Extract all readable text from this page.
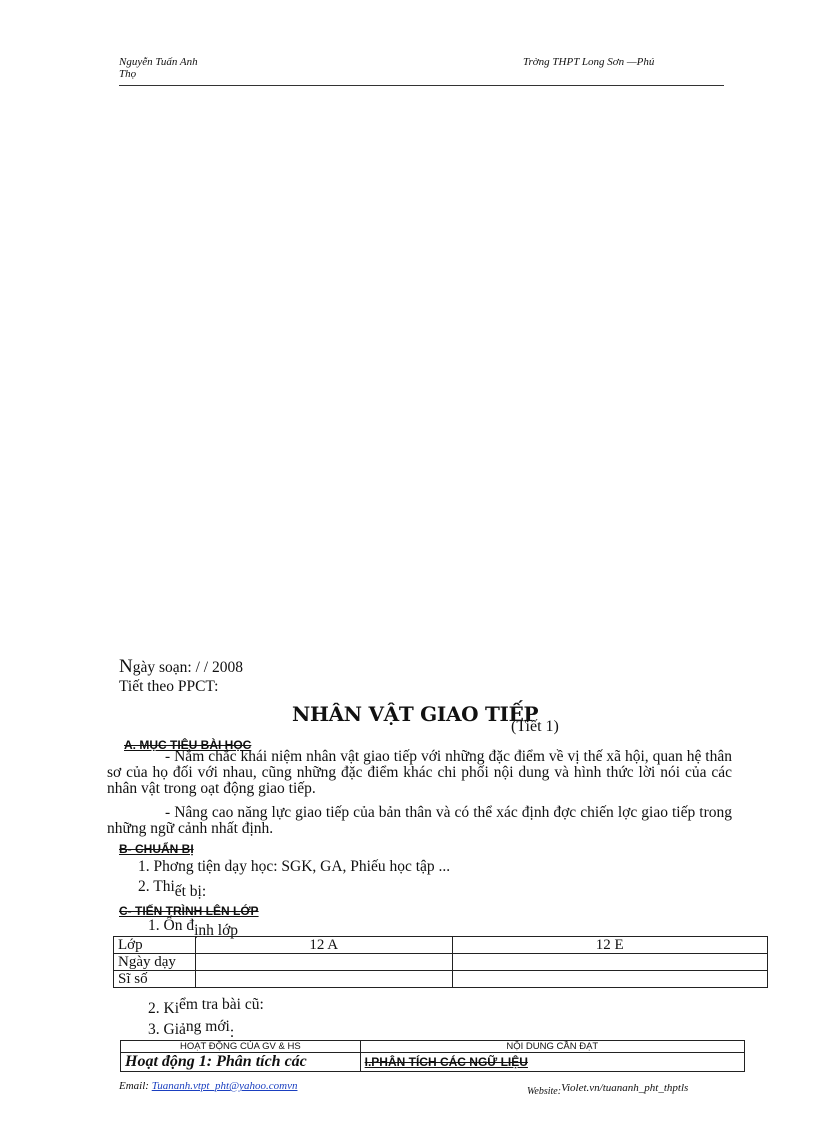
Nguyễn Tuấn Anh
Thọ
Trờng THPT Long Sơn —Phú
Ngày soạn: / / 2008
Tiết theo PPCT:
NHÂN VẬT GIAO TIẾP
(Tiết 1)
A. MỤC TIÊU BÀI HỌC
- Nắm chắc khái niệm nhân vật giao tiếp với những đặc điểm về vị thế xã hội, quan hệ thân sơ của họ đối với nhau, cũng những đặc điểm khác chi phối nội dung và hình thức lời nói của các nhân vật trong oạt động giao tiếp.
- Nâng cao năng lực giao tiếp của bản thân và có thể xác định đợc chiến lợc giao tiếp trong những ngữ cảnh nhất định.
B- CHUẨN BỊ
1. Phơng tiện dạy học: SGK, GA, Phiếu học tập ...
2. Thiết bị:
C- TIẾN TRÌNH LÊN LỚP
1. Ổn định lớp
Lớp	12 A	12 E
Ngày dạy		
Sĩ số		
2. Kiểm tra bài cũ:
3. Giảng mới:
HOẠT ĐỘNG CỦA GV & HS	NỘI DUNG CẦN ĐẠT
Hoạt động 1: Phân tích các	I.PHÂN TÍCH CÁC NGỮ LIỆU
Email: Tuananh.vtpt_pht@yahoo.comvn	Website:Violet.vn/tuananh_pht_thptls
